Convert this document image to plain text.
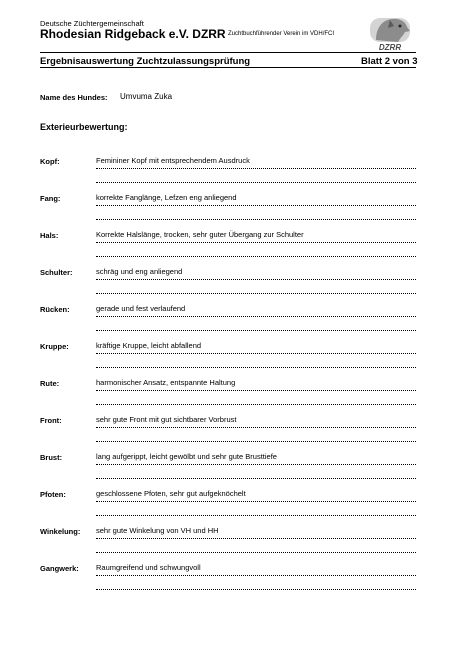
Deutsche Züchtergemeinschaft
Rhodesian Ridgeback e.V. DZRR Zuchtbuchführender Verein im VDH/FCI
DZRR
Ergebnisauswertung Zuchtzulassungsprüfung	Blatt 2 von 3
Name des Hundes: Umvuma Zuka
Exterieurbewertung:
Kopf:	Femininer Kopf mit entsprechendem Ausdruck
Fang:	korrekte Fanglänge, Lefzen eng anliegend
Hals:	Korrekte Halslänge, trocken, sehr guter Übergang zur Schulter
Schulter:	schräg und eng anliegend
Rücken:	gerade und fest verlaufend
Kruppe:	kräftige Kruppe, leicht abfallend
Rute:	harmonischer Ansatz, entspannte Haltung
Front:	sehr gute Front mit gut sichtbarer Vorbrust
Brust:	lang aufgerippt, leicht gewölbt und sehr gute Brusttiefe
Pfoten:	geschlossene Pfoten, sehr gut aufgeknöchelt
Winkelung: sehr gute Winkelung von VH und HH
Gangwerk: Raumgreifend und schwungvoll
